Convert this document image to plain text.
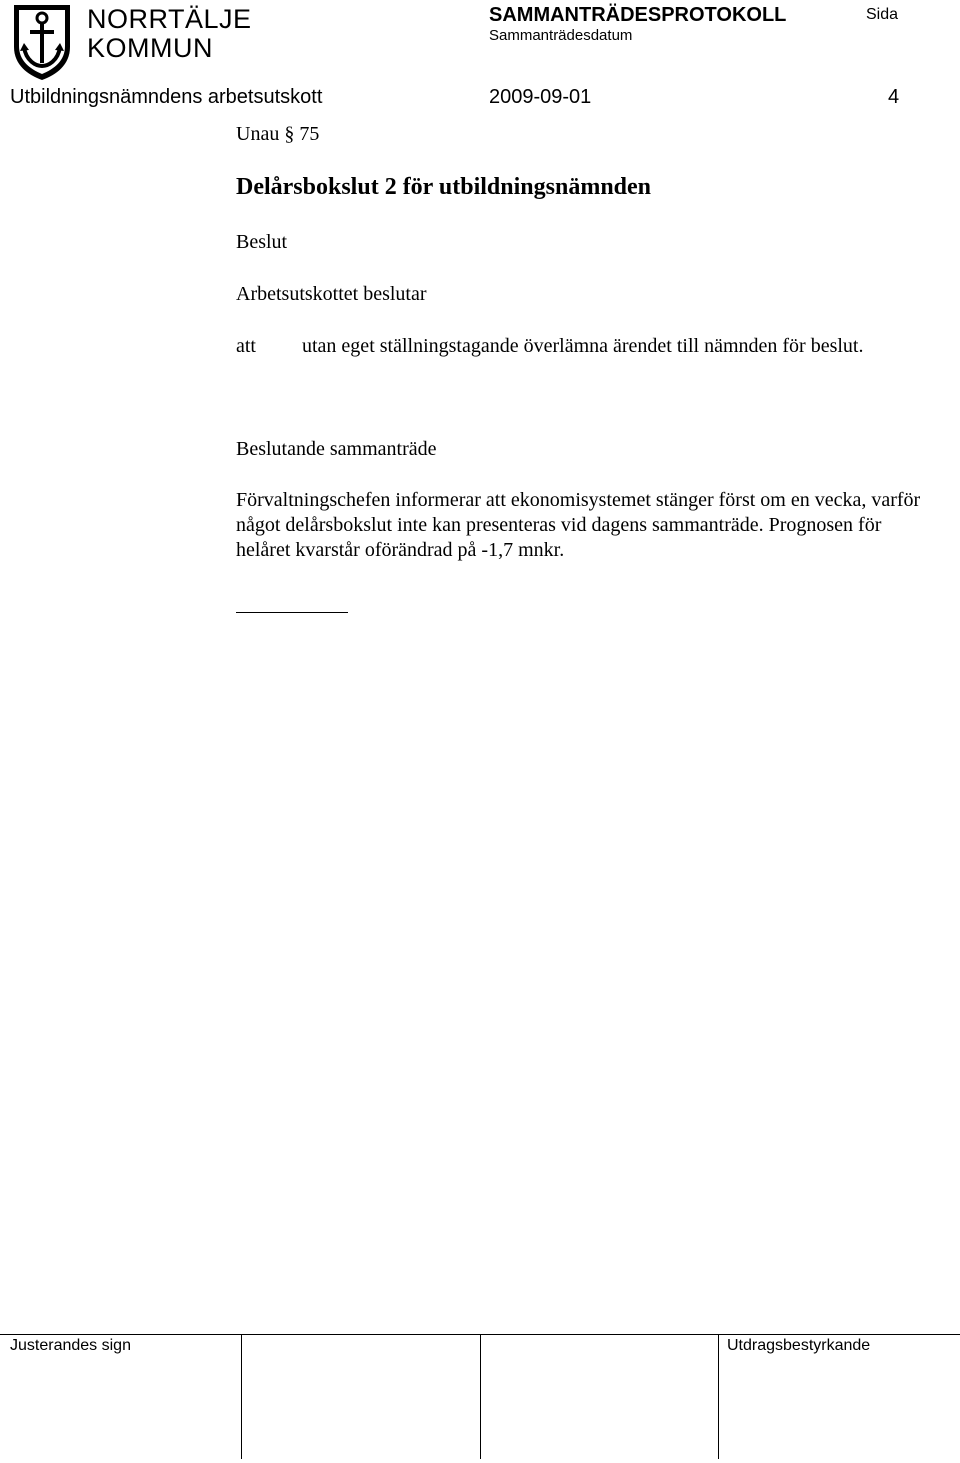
NORRTÄLJE
KOMMUN
SAMMANTRÄDESPROTOKOLL
Sammanträdesdatum
Sida
Utbildningsnämndens arbetsutskott	2009-09-01	4
Unau § 75
Delårsbokslut 2 för utbildningsnämnden
Beslut
Arbetsutskottet beslutar
att utan eget ställningstagande överlämna ärendet till nämnden för beslut.
Beslutande sammanträde
Förvaltningschefen informerar att ekonomisystemet stänger först om en vecka, varför något delårsbokslut inte kan presenteras vid dagens sammanträde. Prognosen för helåret kvarstår oförändrad på -1,7 mnkr.
Justerandes sign	Utdragsbestyrkande
